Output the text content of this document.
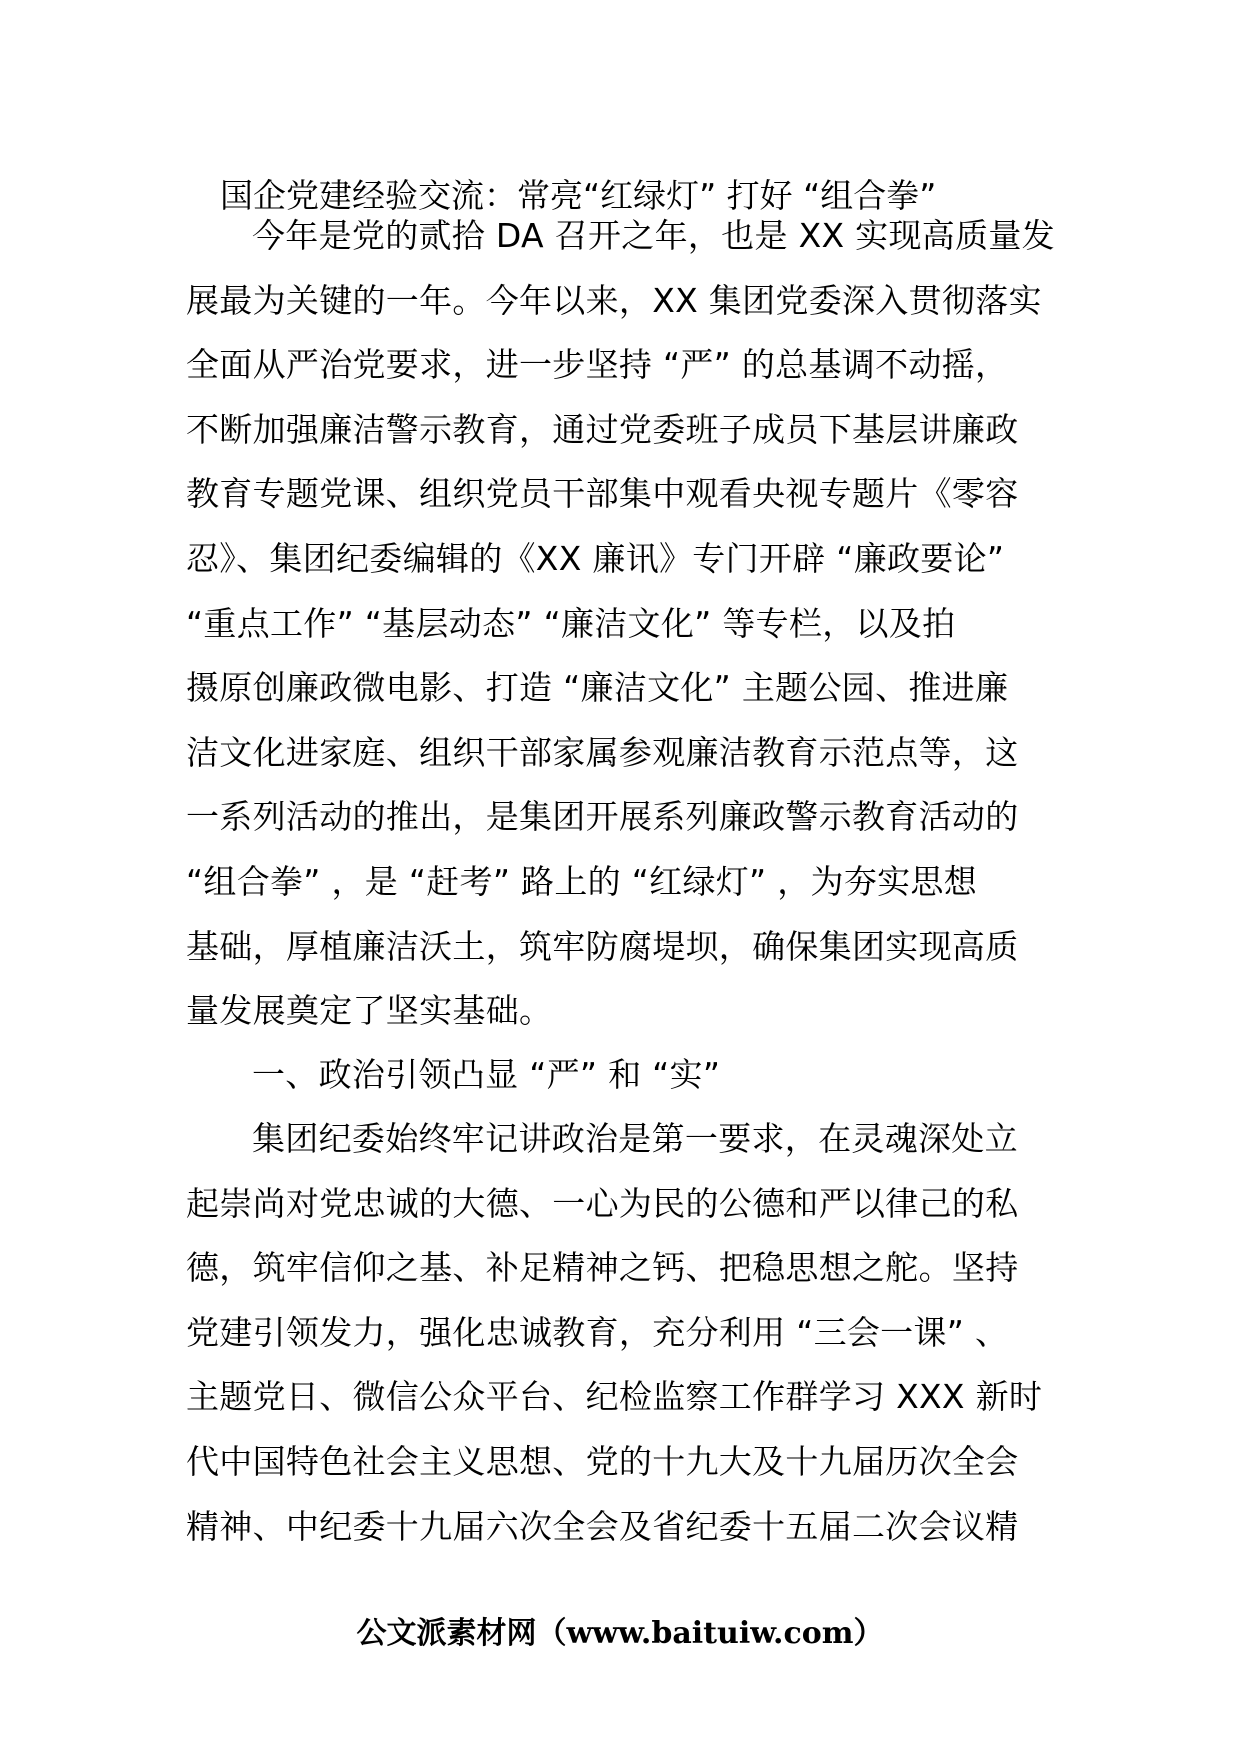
国企党建经验交流：常亮“红绿灯” 打好 “组合拳”
今年是党的贰拾 DA 召开之年，也是 XX 实现高质量发
展最为关键的一年。今年以来，XX 集团党委深入贯彻落实
全面从严治党要求，进一步坚持 “严” 的总基调不动摇，
不断加强廉洁警示教育，通过党委班子成员下基层讲廉政
教育专题党课、组织党员干部集中观看央视专题片《零容
忍》、集团纪委编辑的《XX 廉讯》专门开辟 “廉政要论”
“重点工作” “基层动态” “廉洁文化” 等专栏，以及拍
摄原创廉政微电影、打造 “廉洁文化” 主题公园、推进廉
洁文化进家庭、组织干部家属参观廉洁教育示范点等，这
一系列活动的推出，是集团开展系列廉政警示教育活动的
“组合拳” ，是 “赶考” 路上的 “红绿灯” ，为夯实思想
基础，厚植廉洁沃土，筑牢防腐堤坝，确保集团实现高质
量发展奠定了坚实基础。
一、政治引领凸显 “严” 和 “实”
集团纪委始终牢记讲政治是第一要求，在灵魂深处立
起崇尚对党忠诚的大德、一心为民的公德和严以律己的私
德，筑牢信仰之基、补足精神之钙、把稳思想之舵。坚持
党建引领发力，强化忠诚教育，充分利用 “三会一课” 、
主题党日、微信公众平台、纪检监察工作群学习 XXX 新时
代中国特色社会主义思想、党的十九大及十九届历次全会
精神、中纪委十九届六次全会及省纪委十五届二次会议精
公文派素材网（www.baituiw.com）
